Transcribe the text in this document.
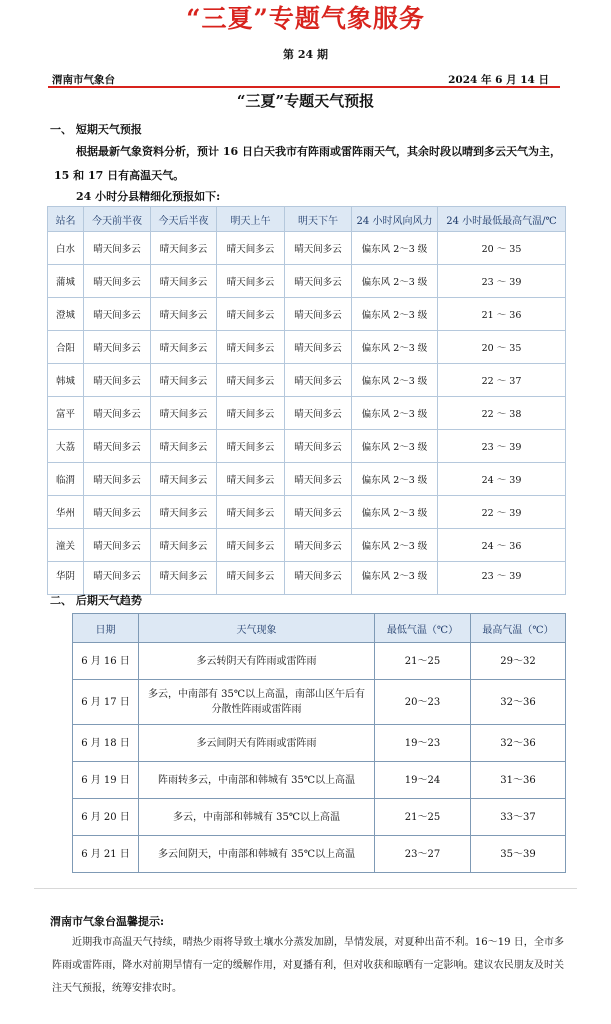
“三夏”专题气象服务
第 24 期
渭南市气象台	2024 年 6 月 14 日
“三夏”专题天气预报
一、 短期天气预报

根据最新气象资料分析，预计 16 日白天我市有阵雨或雷阵雨天气，其余时段以晴到多云天气为主，15 和 17 日有高温天气。

24 小时分县精细化预报如下:
站名	今天前半夜	今天后半夜	明天上午	明天下午	24 小时风向风力	24 小时最低最高气温/℃
白水	晴天间多云	晴天间多云	晴天间多云	晴天间多云	偏东风 2～3 级	20 ～ 35
蒲城	晴天间多云	晴天间多云	晴天间多云	晴天间多云	偏东风 2～3 级	23 ～ 39
澄城	晴天间多云	晴天间多云	晴天间多云	晴天间多云	偏东风 2～3 级	21 ～ 36
合阳	晴天间多云	晴天间多云	晴天间多云	晴天间多云	偏东风 2～3 级	20 ～ 35
韩城	晴天间多云	晴天间多云	晴天间多云	晴天间多云	偏东风 2～3 级	22 ～ 37
富平	晴天间多云	晴天间多云	晴天间多云	晴天间多云	偏东风 2～3 级	22 ～ 38
大荔	晴天间多云	晴天间多云	晴天间多云	晴天间多云	偏东风 2～3 级	23 ～ 39
临渭	晴天间多云	晴天间多云	晴天间多云	晴天间多云	偏东风 2～3 级	24 ～ 39
华州	晴天间多云	晴天间多云	晴天间多云	晴天间多云	偏东风 2～3 级	22 ～ 39
潼关	晴天间多云	晴天间多云	晴天间多云	晴天间多云	偏东风 2～3 级	24 ～ 36
华阴	晴天间多云	晴天间多云	晴天间多云	晴天间多云	偏东风 2～3 级	23 ～ 39
二、 后期天气趋势
日期	天气现象	最低气温（℃）	最高气温（℃）
6 月 16 日	多云转阴天有阵雨或雷阵雨	21～25	29～32
6 月 17 日	多云，中南部有 35℃以上高温，南部山区午后有分散性阵雨或雷阵雨	20～23	32～36
6 月 18 日	多云间阴天有阵雨或雷阵雨	19～23	32～36
6 月 19 日	阵雨转多云，中南部和韩城有 35℃以上高温	19～24	31～36
6 月 20 日	多云，中南部和韩城有 35℃以上高温	21～25	33～37
6 月 21 日	多云间阴天，中南部和韩城有 35℃以上高温	23～27	35～39
渭南市气象台温馨提示:

近期我市高温天气持续，晴热少雨将导致土壤水分蒸发加剧，旱情发展，对夏种出苗不利。16～19 日，全市多阵雨或雷阵雨，降水对前期旱情有一定的缓解作用，对夏播有利，但对收获和晾晒有一定影响。建议农民朋友及时关注天气预报，统筹安排农时。
